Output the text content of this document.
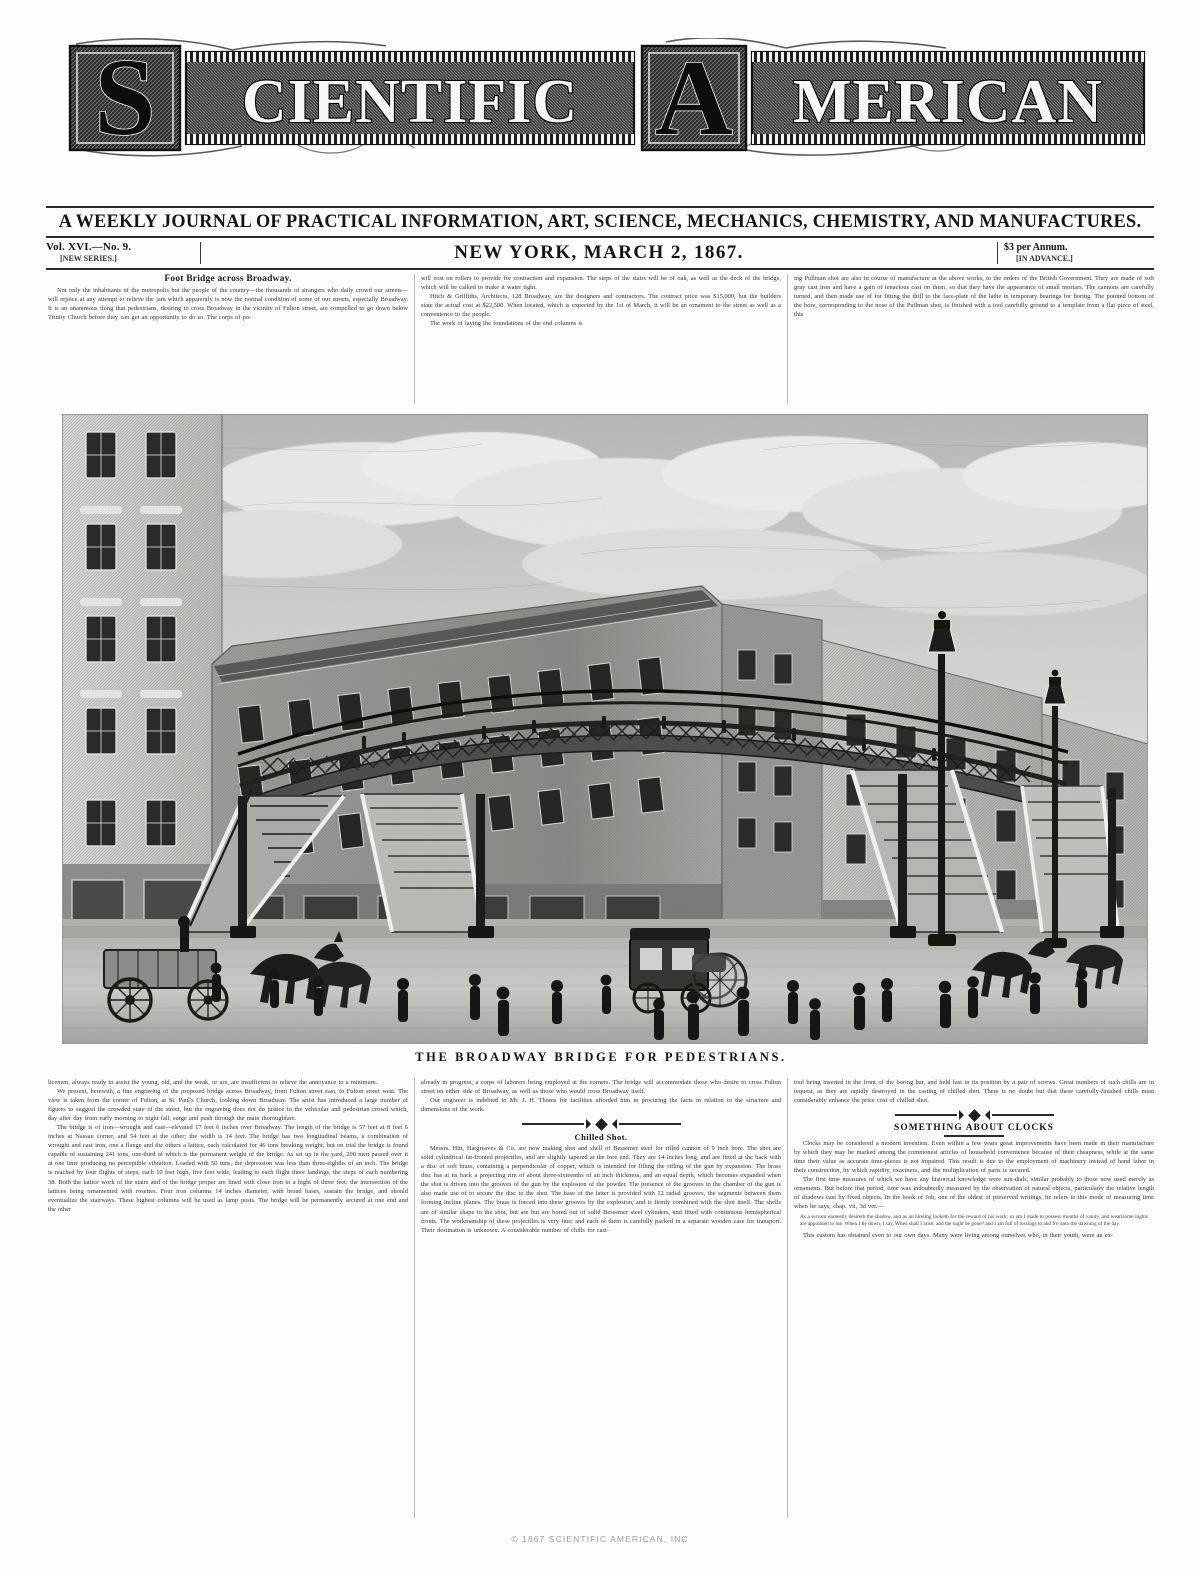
S CIENTIFIC A MERICAN
A WEEKLY JOURNAL OF PRACTICAL INFORMATION, ART, SCIENCE, MECHANICS, CHEMISTRY, AND MANUFACTURES.
Vol. XVI.—No. 9.
[NEW SERIES.]	NEW YORK, MARCH 2, 1867.	$3 per Annum.
[IN ADVANCE.]
Foot Bridge across Broadway.

Not only the inhabitants of the metropolis but the people of the country—the thousands of strangers who daily crowd our streets—will rejoice at any attempt to relieve the jam which apparently is now the normal condition of some of our streets, especially Broadway. It is an unanimous thing that pedestrians, desiring to cross Broadway in the vicinity of Fulton street, are compelled to go down below Trinity Church before they can get an opportunity to do so. The corps of po-

will cost on rollers to provide for contraction and expansion. The steps of the stairs will be of oak, as well as the deck of the bridge, which will be calked to make it water tight.

Hitch & Griffiths, Architects, 128 Broadway, are the designers and contractors. The contract price was $15,000, but the builders state the actual cost at $22,500. When located, which is expected by the 1st of March, it will be an ornament to the street as well as a convenience to the people.

The work of laying the foundations of the end columns is

ing Pullman shot are also in course of manufacture at the above works, to the orders of the British Government. They are made of soft gray cast iron and have a gain of tenacious cast on them, so that they have the appearance of small mortars. The cannons are carefully turned, and then made use of for fitting the drill to the face-plate of the lathe in temporary bearings for boring. The pointed bottom of the bore, corresponding to the nose of the Pullman shot, is finished with a tool carefully ground to a template from a flat piece of steel, this

THE BROADWAY BRIDGE FOR PEDESTRIANS.

licemen, always ready to assist the young, old, and the weak, or are, are insufficient to relieve the annoyance to a minimum.

We present, herewith, a fine engraving of the proposed bridge across Broadway, from Fulton street east, to Fulton street west. The view is taken from the corner of Fulton, at St. Paul's Church, looking down Broadway. The artist has introduced a large number of figures to suggest the crowded state of the street, but the engraving does not do justice to the vehicular and pedestrian crowd which, day after day from early morning to night fall, surge and push through the main thoroughfare.

The bridge is of iron—wrought and cast—elevated 17 feet 6 inches over Broadway. The length of the bridge is 57 feet at 8 feet 6 inches at Nassau corner, and 54 feet at the other; the width is 14 feet. The bridge has two longitudinal beams, a combination of wrought and cast iron, one a flange and the others a lattice, each calculated for 46 tons breaking weight; but on trial the bridge is found capable of sustaining 241 tons, one-third of which is the permanent weight of the bridge. As set up in the yard, 200 men passed over it at one time producing no perceptible vibration. Loaded with 50 tuns, the depression was less than three-eighths of an inch. The bridge is reached by four flights of steps, each 10 feet high, five feet wide, leading to each flight three landings, the steps of each numbering 38. Both the lattice work of the stairs and of the bridge proper are lined with close iron to a hight of three feet; the intersection of the lattices being ornamented with rosettes. Four iron columns 14 inches diameter, with broad bases, sustain the bridge, and should eventualize the stairways. These highest columns will be used as lamp posts. The bridge will be permanently secured at one end and the other

already in progress, a corps of laborers being employed at the corners. The bridge will accommodate those who desire to cross Fulton street on either side of Broadway, as well as those who would cross Broadway itself.

Our engraver is indebted to Mr. J. H. Thoms for facilities afforded him in procuring the facts in relation to the structure and dimensions of the work.

Chilled Shot.

Messrs. Hitt, Hargreaves & Co. are now making shot and shell of Bessemer steel for rifled cannon of 9 inch bore. The shot are solid cylindrical fat-fronted projectiles, and are slightly tapered at the fore end. They are 14 inches long, and are fitted at the back with a disc of soft brass, containing a perpendicular of copper, which is intended for filling the rifling of the gun by expansion. The brass disc has at its back a projecting rim of about three-sixteenths of an inch thickness, and an equal depth, which becomes expanded when the shot is driven into the grooves of the gun by the explosion of the powder. The presence of the grooves in the chamber of the gun is also made use of to secure the disc to the shot. The base of the latter is provided with 12 radial grooves, the segments between them forming incline planes. The brass is forced into these grooves by the explosion, and is firmly combined with the shot itself. The shells are of similar shape to the shot, but are but are bored out of solid Bessemer steel cylinders, and fitted with continuous hemispherical fronts. The workmanship of these projectiles is very fine; and each of them is carefully packed in a separate wooden case for transport. Their destination is unknown. A considerable number of chills for cast-

tool being inserted in the front of the boring bar, and held fast in its position by a pair of screws. Great numbers of such chills are in request, as they are rapidly destroyed in the casting of chilled shot. There is no doubt but that these carefully-finished chills must considerably enhance the price cost of chilled shot.

SOMETHING ABOUT CLOCKS

Clocks may be considered a modern invention. Even within a few years great improvements have been made in their manufacture by which they may be marked among the commonest articles of household convenience because of their cheapness, while at the same time their value as accurate time-pieces is not impaired. This result is due to the employment of machinery instead of hand labor in their construction, by which rapidity, exactness, and the multiplication of parts is secured.

The first time measures of which we have any historical knowledge were sun-dials, similar probably to those now used merely as ornaments. But before that period, time was indoubtedly measured by the observation of natural objects, particularly the relative length of shadows cast by fixed objects. In the book of Job, one of the oldest of preserved writings, he refers to this mode of measuring time when he says, chap. vii, 3d ver.—

As a servant earnestly desireth the shadow, and as an hireling looketh for the reward of his work; so am I made to possess months of vanity, and wearisome nights are appointed to me. When I lie down, I say, When shall I arise, and the night be gone? and I am full of tossings to and fro unto the dawning of the day.

This custom has obtained even to our own days. Many were living among ourselves who, in their youth, were an ex-

© 1867 SCIENTIFIC AMERICAN, INC
